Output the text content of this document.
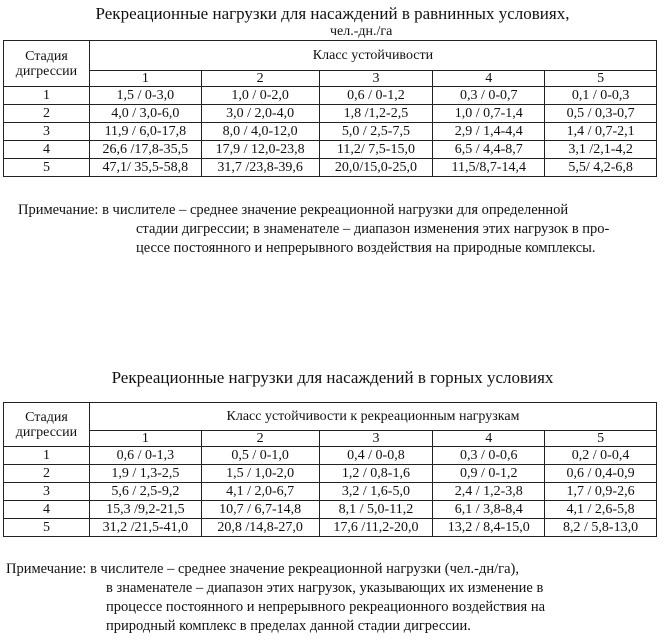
Рекреационные нагрузки для насаждений в равнинных условиях,
чел.-дн./га
Стадия дигрессии	Класс устойчивости				
	1	2	3	4	5
1	1,5 / 0-3,0	1,0 / 0-2,0	0,6 / 0-1,2	0,3 / 0-0,7	0,1 / 0-0,3
2	4,0 / 3,0-6,0	3,0 / 2,0-4,0	1,8 /1,2-2,5	1,0 / 0,7-1,4	0,5 / 0,3-0,7
3	11,9 / 6,0-17,8	8,0 / 4,0-12,0	5,0 / 2,5-7,5	2,9 / 1,4-4,4	1,4 / 0,7-2,1
4	26,6 /17,8-35,5	17,9 / 12,0-23,8	11,2/ 7,5-15,0	6,5 / 4,4-8,7	3,1 /2,1-4,2
5	47,1/ 35,5-58,8	31,7 /23,8-39,6	20,0/15,0-25,0	11,5/8,7-14,4	5,5/ 4,2-6,8
Примечание: в числителе – среднее значение рекреационной нагрузки для определенной
стадии дигрессии; в знаменателе – диапазон изменения этих нагрузок в про-
цессе постоянного и непрерывного воздействия на природные комплексы.
Рекреационные нагрузки для насаждений в горных условиях
Стадия дигрессии	Класс устойчивости к рекреационным нагрузкам				
	1	2	3	4	5
1	0,6 / 0-1,3	0,5 / 0-1,0	0,4 / 0-0,8	0,3 / 0-0,6	0,2 / 0-0,4
2	1,9 / 1,3-2,5	1,5 / 1,0-2,0	1,2 / 0,8-1,6	0,9 / 0-1,2	0,6 / 0,4-0,9
3	5,6 / 2,5-9,2	4,1 / 2,0-6,7	3,2 / 1,6-5,0	2,4 / 1,2-3,8	1,7 / 0,9-2,6
4	15,3 /9,2-21,5	10,7 / 6,7-14,8	8,1 / 5,0-11,2	6,1 / 3,8-8,4	4,1 / 2,6-5,8
5	31,2 /21,5-41,0	20,8 /14,8-27,0	17,6 /11,2-20,0	13,2 / 8,4-15,0	8,2 / 5,8-13,0
Примечание: в числителе – среднее значение рекреационной нагрузки (чел.-дн/га),
в знаменателе – диапазон этих нагрузок, указывающих их изменение в
процессе постоянного и непрерывного рекреационного воздействия на
природный комплекс в пределах данной стадии дигрессии.
